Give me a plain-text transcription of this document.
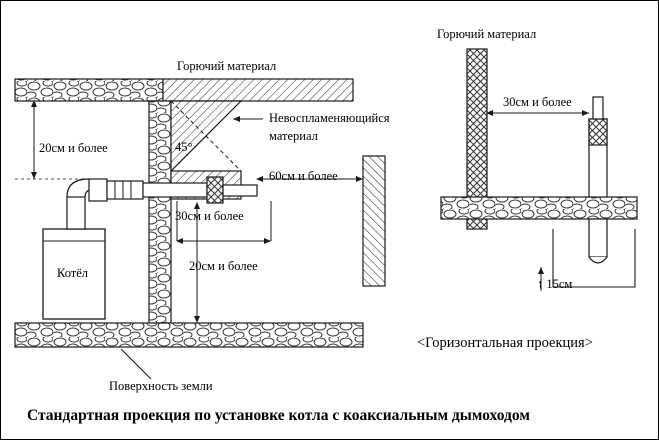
Горючий материал
Невоспламеняющийся
материал
45°
20см и более
30см и более
20см и более
60см и более
Котёл
Поверхность земли
Горючий материал
30см и более
↑ 15см
<Горизонтальная проекция>
Стандартная проекция по установке котла с коаксиальным дымоходом
